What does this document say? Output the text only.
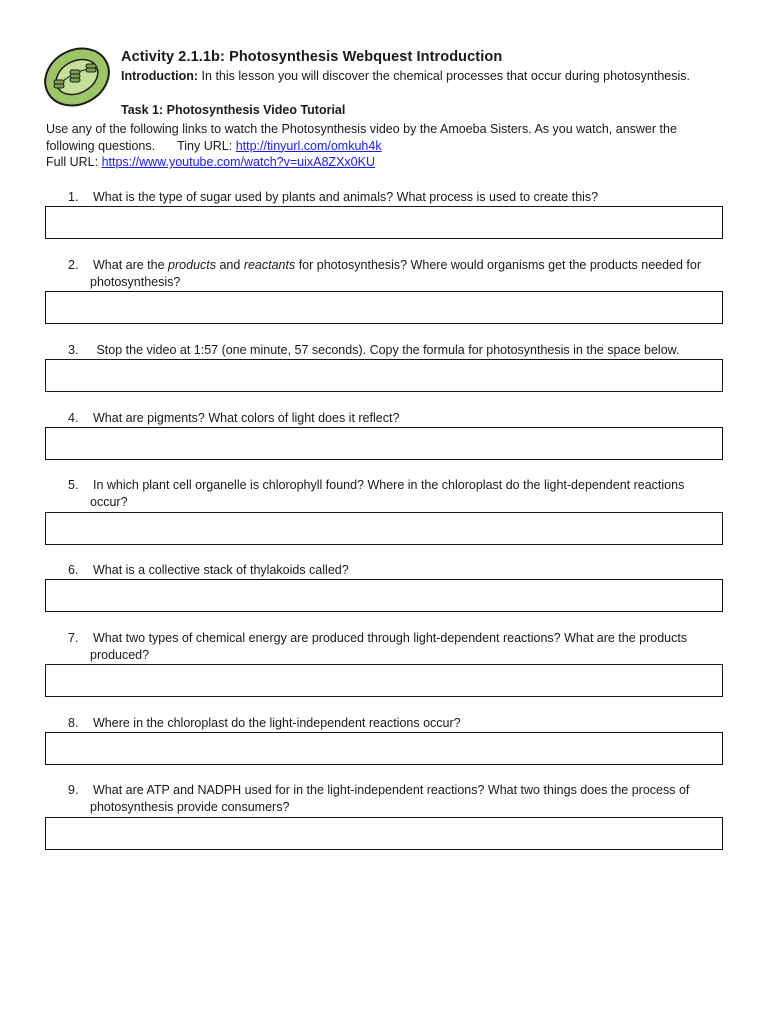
Activity 2.1.1b: Photosynthesis Webquest Introduction
Introduction: In this lesson you will discover the chemical processes that occur during photosynthesis.
Task 1: Photosynthesis Video Tutorial
Use any of the following links to watch the Photosynthesis video by the Amoeba Sisters. As you watch, answer the
following questions. Tiny URL: http://tinyurl.com/omkuh4k
Full URL: https://www.youtube.com/watch?v=uixA8ZXx0KU
1. What is the type of sugar used by plants and animals? What process is used to create this?
2. What are the products and reactants for photosynthesis? Where would organisms get the products needed for
photosynthesis?
3. Stop the video at 1:57 (one minute, 57 seconds). Copy the formula for photosynthesis in the space below.
4. What are pigments? What colors of light does it reflect?
5. In which plant cell organelle is chlorophyll found? Where in the chloroplast do the light-dependent reactions
occur?
6. What is a collective stack of thylakoids called?
7. What two types of chemical energy are produced through light-dependent reactions? What are the products
produced?
8. Where in the chloroplast do the light-independent reactions occur?
9. What are ATP and NADPH used for in the light-independent reactions? What two things does the process of
photosynthesis provide consumers?
